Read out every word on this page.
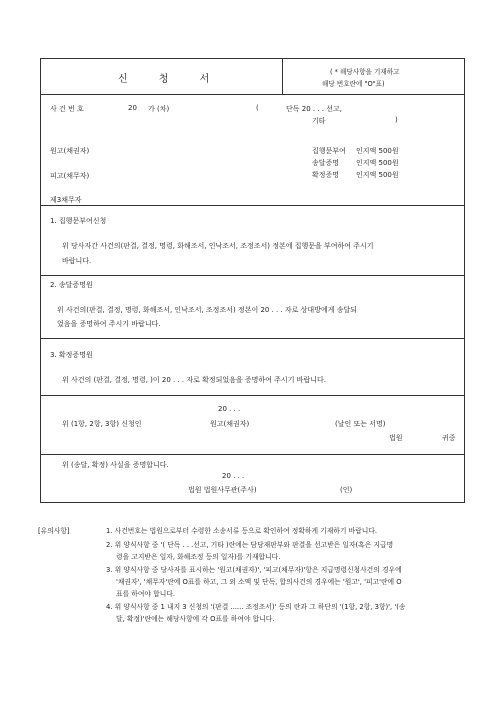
신 청 서
( * 해당사항을 기재하고
해당 번호란에 "O"표)
사 건 번 호	20 가 (차)	(	단독 20 . . . 선고,
기타	)
원고(채권자)
피고(채무자)
제3채무자
집행문부여 인지액 500원
송달증명 인지액 500원
확정증명 인지액 500원
1. 집행문부여신청
위 당사자간 사건의(판결, 결정, 명령, 화해조서, 인낙조서, 조정조서) 정본에 집행문을 부여하여 주시기
바랍니다.
2. 송달증명원
위 사건의(판결, 결정, 명령, 화해조서, 인낙조서, 조정조서) 정본이 20 . . . 자로 상대방에게 송달되
었음을 증명하여 주시기 바랍니다.
3. 확정증명원
위 사건의 (판결, 결정, 명령, )이 20 . . . 자로 확정되었음을 증명하여 주시기 바랍니다.
20 . . .
위 (1항, 2항, 3항) 신청인	원고(채권자)	(날인 또는 서명)
법원	귀중
위 (송달, 확정) 사실을 증명합니다.
20 . . .
법원 법원사무관(주사)	(인)
[유의사항]	1. 사건번호는 법원으로부터 수령한 소송서류 등으로 확인하여 정확하게 기재하기 바랍니다.
2. 위 양식사항 중 '( 단독 . . .선고, 기타 )란에는 담당재판부와 판결을 선고받은 일자(혹은 지급명
령을 고지받은 일자, 화해조정 등의 일자)를 기재합니다.
3. 위 양식사항 중 당사자를 표시하는 '원고(채권자)', '피고(채무자)'항은 지급명령신청사건의 경우에
'채권자', '채무자'란에 O표를 하고, 그 외 소액 및 단독, 합의사건의 경우에는 '원고', '피고'란에 O
표를 하여야 합니다.
4. 위 양식사항 중 1 내지 3 신청의 '(판결 ...... 조정조서)' 등의 란과 그 하단의 '(1항, 2항, 3항)', '(송
달, 확정)'란에는 해당사항에 각 O표를 하여야 합니다.
